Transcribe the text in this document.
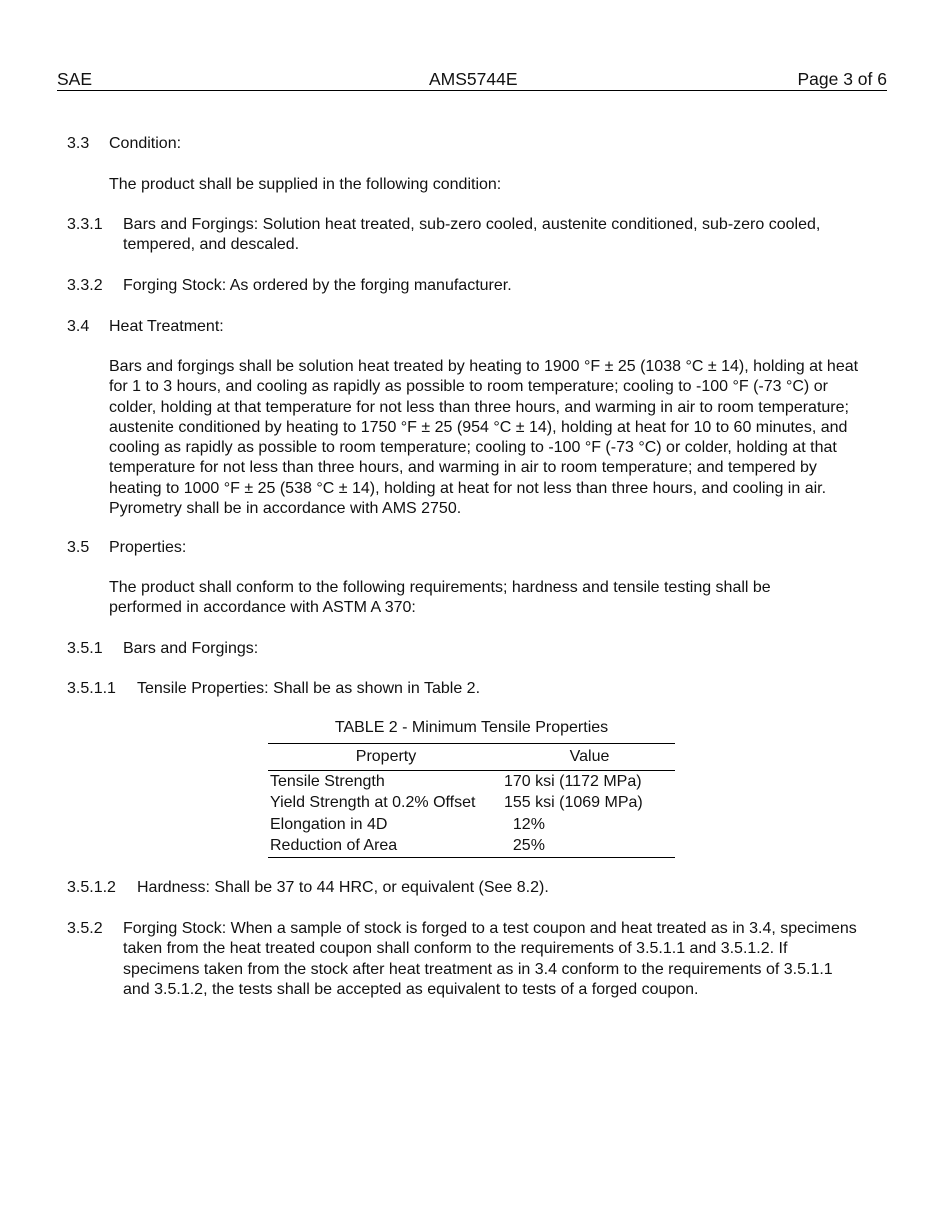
SAE	AMS5744E	Page 3 of 6
3.3 Condition:
The product shall be supplied in the following condition:
3.3.1 Bars and Forgings: Solution heat treated, sub-zero cooled, austenite conditioned, sub-zero cooled, tempered, and descaled.
3.3.2 Forging Stock: As ordered by the forging manufacturer.
3.4 Heat Treatment:
Bars and forgings shall be solution heat treated by heating to 1900 °F ± 25 (1038 °C ± 14), holding at heat for 1 to 3 hours, and cooling as rapidly as possible to room temperature; cooling to -100 °F (-73 °C) or colder, holding at that temperature for not less than three hours, and warming in air to room temperature; austenite conditioned by heating to 1750 °F ± 25 (954 °C ± 14), holding at heat for 10 to 60 minutes, and cooling as rapidly as possible to room temperature; cooling to -100 °F (-73 °C) or colder, holding at that temperature for not less than three hours, and warming in air to room temperature; and tempered by heating to 1000 °F ± 25 (538 °C ± 14), holding at heat for not less than three hours, and cooling in air. Pyrometry shall be in accordance with AMS 2750.
3.5 Properties:
The product shall conform to the following requirements; hardness and tensile testing shall be performed in accordance with ASTM A 370:
3.5.1 Bars and Forgings:
3.5.1.1 Tensile Properties: Shall be as shown in Table 2.
TABLE 2 - Minimum Tensile Properties
Property	Value
Tensile Strength	170 ksi (1172 MPa)
Yield Strength at 0.2% Offset	155 ksi (1069 MPa)
Elongation in 4D	12%
Reduction of Area	25%
3.5.1.2 Hardness: Shall be 37 to 44 HRC, or equivalent (See 8.2).
3.5.2 Forging Stock: When a sample of stock is forged to a test coupon and heat treated as in 3.4, specimens taken from the heat treated coupon shall conform to the requirements of 3.5.1.1 and 3.5.1.2. If specimens taken from the stock after heat treatment as in 3.4 conform to the requirements of 3.5.1.1 and 3.5.1.2, the tests shall be accepted as equivalent to tests of a forged coupon.
